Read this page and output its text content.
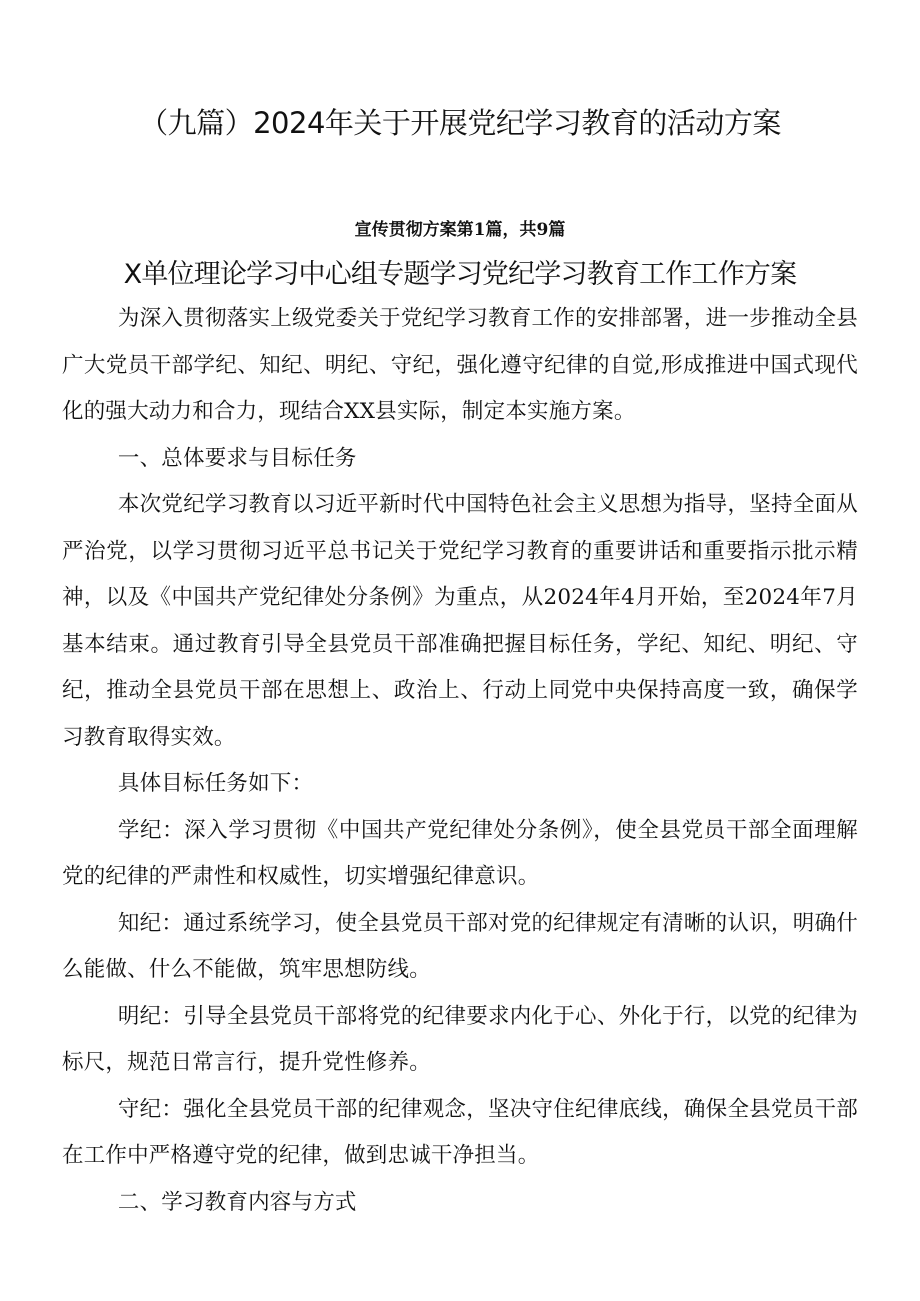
（九篇）2024年关于开展党纪学习教育的活动方案
宣传贯彻方案第1篇，共9篇
X单位理论学习中心组专题学习党纪学习教育工作工作方案

为深入贯彻落实上级党委关于党纪学习教育工作的安排部署，进一步推动全县广大党员干部学纪、知纪、明纪、守纪，强化遵守纪律的自觉,形成推进中国式现代化的强大动力和合力，现结合XX县实际，制定本实施方案。

一、总体要求与目标任务

本次党纪学习教育以习近平新时代中国特色社会主义思想为指导，坚持全面从严治党，以学习贯彻习近平总书记关于党纪学习教育的重要讲话和重要指示批示精神，以及《中国共产党纪律处分条例》为重点，从2024年4月开始，至2024年7月基本结束。通过教育引导全县党员干部准确把握目标任务，学纪、知纪、明纪、守纪，推动全县党员干部在思想上、政治上、行动上同党中央保持高度一致，确保学习教育取得实效。

具体目标任务如下：

学纪：深入学习贯彻《中国共产党纪律处分条例》，使全县党员干部全面理解党的纪律的严肃性和权威性，切实增强纪律意识。

知纪：通过系统学习，使全县党员干部对党的纪律规定有清晰的认识，明确什么能做、什么不能做，筑牢思想防线。

明纪：引导全县党员干部将党的纪律要求内化于心、外化于行，以党的纪律为标尺，规范日常言行，提升党性修养。

守纪：强化全县党员干部的纪律观念，坚决守住纪律底线，确保全县党员干部在工作中严格遵守党的纪律，做到忠诚干净担当。

二、学习教育内容与方式
